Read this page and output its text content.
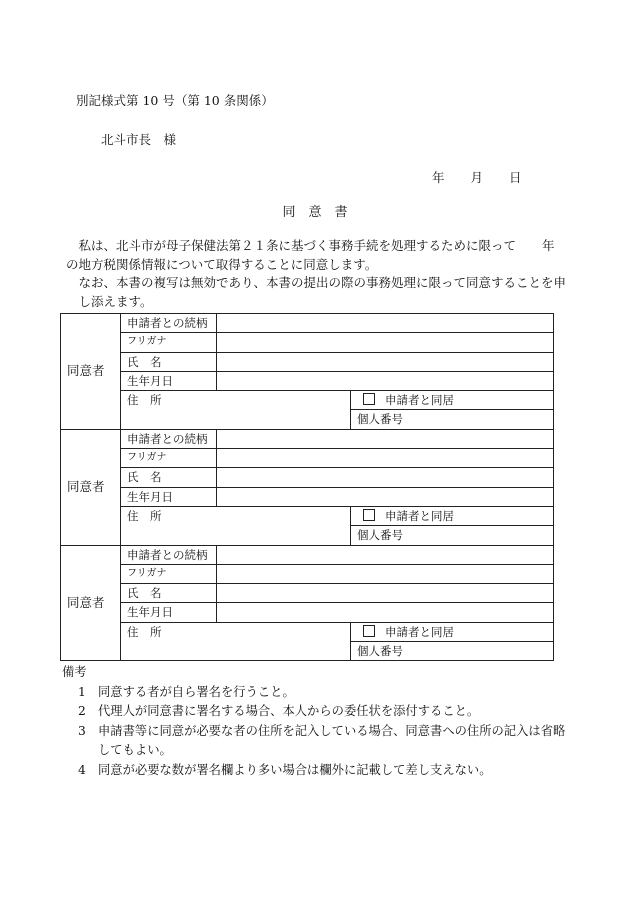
別記様式第 10 号（第 10 条関係）
北斗市長　様
年 月 日
同　意　書

私は、北斗市が母子保健法第２１条に基づく事務手続を処理するために限って 年

の地方税関係情報について取得することに同意します。

なお、本書の複写は無効であり、本書の提出の際の事務処理に限って同意することを申し添えます。

同意者	申請者との続柄		
	フリガナ		
	氏　名		
	生年月日		
	住　所		申請者と同居
			個人番号
同意者	申請者との続柄		
	フリガナ		
	氏　名		
	生年月日		
	住　所		申請者と同居
			個人番号
同意者	申請者との続柄		
	フリガナ		
	氏　名		
	生年月日		
	住　所		申請者と同居
			個人番号
備考

1 同意する者が自ら署名を行うこと。

2 代理人が同意書に署名する場合、本人からの委任状を添付すること。

3 申請書等に同意が必要な者の住所を記入している場合、同意書への住所の記入は省略してもよい。

4 同意が必要な数が署名欄より多い場合は欄外に記載して差し支えない。
